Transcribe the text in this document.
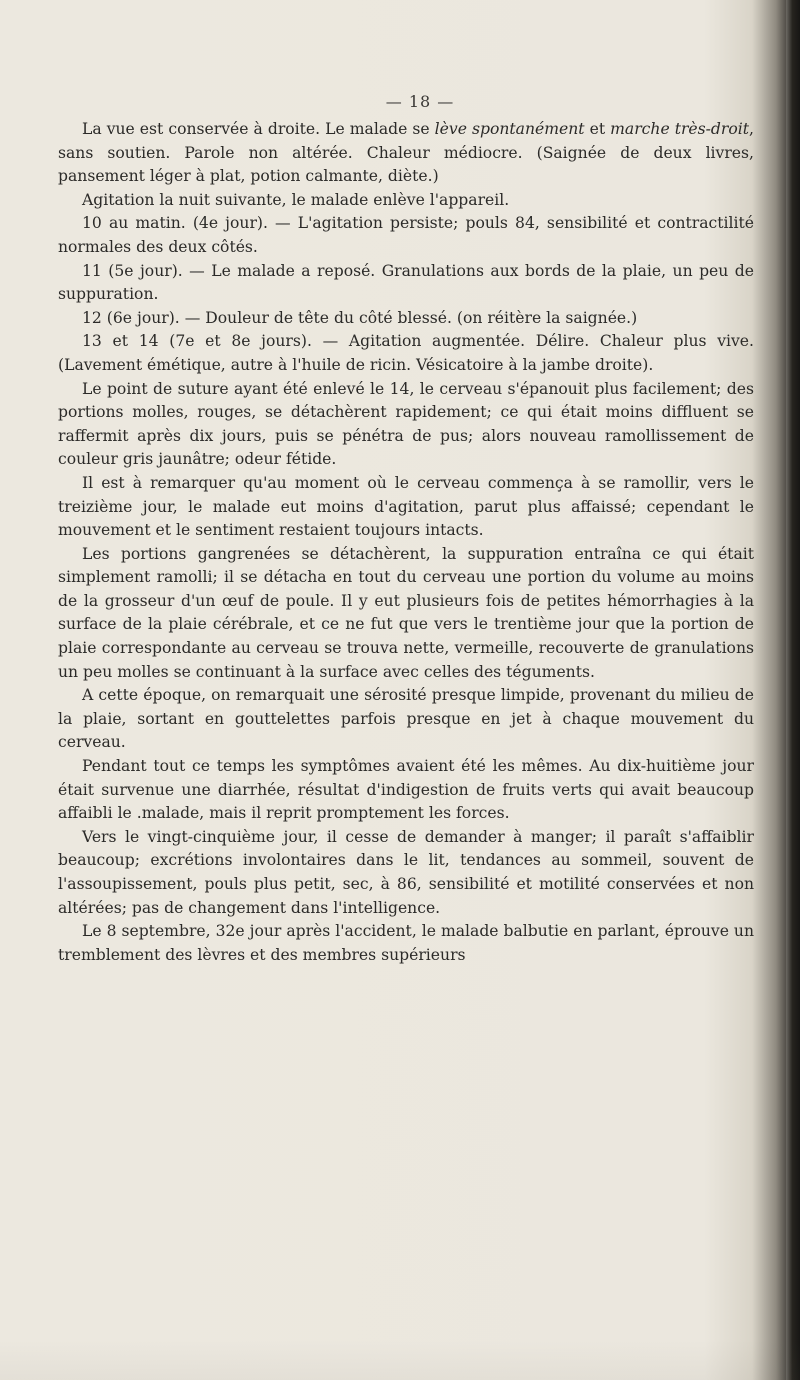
— 18 —

La vue est conservée à droite. Le malade se lève spontanément et marche très-droit, sans soutien. Parole non altérée. Chaleur médiocre. (Saignée de deux livres, pansement léger à plat, potion calmante, diète.)

Agitation la nuit suivante, le malade enlève l'appareil.

10 au matin. (4e jour). — L'agitation persiste; pouls 84, sensibilité et contractilité normales des deux côtés.

11 (5e jour). — Le malade a reposé. Granulations aux bords de la plaie, un peu de suppuration.

12 (6e jour). — Douleur de tête du côté blessé. (on réitère la saignée.)

13 et 14 (7e et 8e jours). — Agitation augmentée. Délire. Chaleur plus vive. (Lavement émétique, autre à l'huile de ricin. Vésicatoire à la jambe droite).

Le point de suture ayant été enlevé le 14, le cerveau s'épanouit plus facilement; des portions molles, rouges, se détachèrent rapidement; ce qui était moins diffluent se raffermit après dix jours, puis se pénétra de pus; alors nouveau ramollissement de couleur gris jaunâtre; odeur fétide.

Il est à remarquer qu'au moment où le cerveau commença à se ramollir, vers le treizième jour, le malade eut moins d'agitation, parut plus affaissé; cependant le mouvement et le sentiment restaient toujours intacts.

Les portions gangrenées se détachèrent, la suppuration entraîna ce qui était simplement ramolli; il se détacha en tout du cerveau une portion du volume au moins de la grosseur d'un œuf de poule. Il y eut plusieurs fois de petites hémorrhagies à la surface de la plaie cérébrale, et ce ne fut que vers le trentième jour que la portion de plaie correspondante au cerveau se trouva nette, vermeille, recouverte de granulations un peu molles se continuant à la surface avec celles des téguments.

A cette époque, on remarquait une sérosité presque limpide, provenant du milieu de la plaie, sortant en gouttelettes parfois presque en jet à chaque mouvement du cerveau.

Pendant tout ce temps les symptômes avaient été les mêmes. Au dix-huitième jour était survenue une diarrhée, résultat d'indigestion de fruits verts qui avait beaucoup affaibli le .malade, mais il reprit promptement les forces.

Vers le vingt-cinquième jour, il cesse de demander à manger; il paraît s'affaiblir beaucoup; excrétions involontaires dans le lit, tendances au sommeil, souvent de l'assoupissement, pouls plus petit, sec, à 86, sensibilité et motilité conservées et non altérées; pas de changement dans l'intelligence.

Le 8 septembre, 32e jour après l'accident, le malade balbutie en parlant, éprouve un tremblement des lèvres et des membres supérieurs
